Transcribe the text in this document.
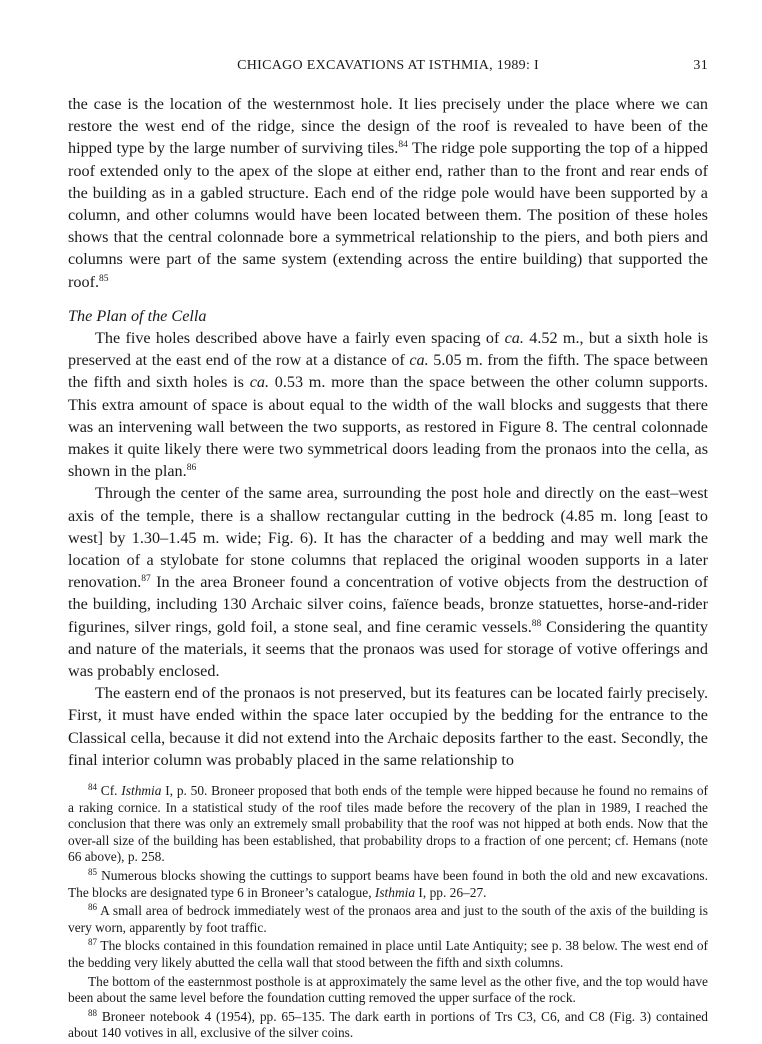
CHICAGO EXCAVATIONS AT ISTHMIA, 1989: I	31

the case is the location of the westernmost hole. It lies precisely under the place where we can restore the west end of the ridge, since the design of the roof is revealed to have been of the hipped type by the large number of surviving tiles.$^{84}$ The ridge pole supporting the top of a hipped roof extended only to the apex of the slope at either end, rather than to the front and rear ends of the building as in a gabled structure. Each end of the ridge pole would have been supported by a column, and other columns would have been located between them. The position of these holes shows that the central colonnade bore a symmetrical relationship to the piers, and both piers and columns were part of the same system (extending across the entire building) that supported the roof.$^{85}$

The Plan of the Cella

The five holes described above have a fairly even spacing of ca. 4.52 m., but a sixth hole is preserved at the east end of the row at a distance of ca. 5.05 m. from the fifth. The space between the fifth and sixth holes is ca. 0.53 m. more than the space between the other column supports. This extra amount of space is about equal to the width of the wall blocks and suggests that there was an intervening wall between the two supports, as restored in Figure 8. The central colonnade makes it quite likely there were two symmetrical doors leading from the pronaos into the cella, as shown in the plan.$^{86}$

Through the center of the same area, surrounding the post hole and directly on the east–west axis of the temple, there is a shallow rectangular cutting in the bedrock (4.85 m. long [east to west] by 1.30–1.45 m. wide; Fig. 6). It has the character of a bedding and may well mark the location of a stylobate for stone columns that replaced the original wooden supports in a later renovation.$^{87}$ In the area Broneer found a concentration of votive objects from the destruction of the building, including 130 Archaic silver coins, faïence beads, bronze statuettes, horse-and-rider figurines, silver rings, gold foil, a stone seal, and fine ceramic vessels.$^{88}$ Considering the quantity and nature of the materials, it seems that the pronaos was used for storage of votive offerings and was probably enclosed.

The eastern end of the pronaos is not preserved, but its features can be located fairly precisely. First, it must have ended within the space later occupied by the bedding for the entrance to the Classical cella, because it did not extend into the Archaic deposits farther to the east. Secondly, the final interior column was probably placed in the same relationship to

$^{84}$ Cf. Isthmia I, p. 50. Broneer proposed that both ends of the temple were hipped because he found no remains of a raking cornice. In a statistical study of the roof tiles made before the recovery of the plan in 1989, I reached the conclusion that there was only an extremely small probability that the roof was not hipped at both ends. Now that the over-all size of the building has been established, that probability drops to a fraction of one percent; cf. Hemans (note 66 above), p. 258.

$^{85}$ Numerous blocks showing the cuttings to support beams have been found in both the old and new excavations. The blocks are designated type 6 in Broneer’s catalogue, Isthmia I, pp. 26–27.

$^{86}$ A small area of bedrock immediately west of the pronaos area and just to the south of the axis of the building is very worn, apparently by foot traffic.

$^{87}$ The blocks contained in this foundation remained in place until Late Antiquity; see p. 38 below. The west end of the bedding very likely abutted the cella wall that stood between the fifth and sixth columns.

The bottom of the easternmost posthole is at approximately the same level as the other five, and the top would have been about the same level before the foundation cutting removed the upper surface of the rock.

$^{88}$ Broneer notebook 4 (1954), pp. 65–135. The dark earth in portions of Trs C3, C6, and C8 (Fig. 3) contained about 140 votives in all, exclusive of the silver coins.
